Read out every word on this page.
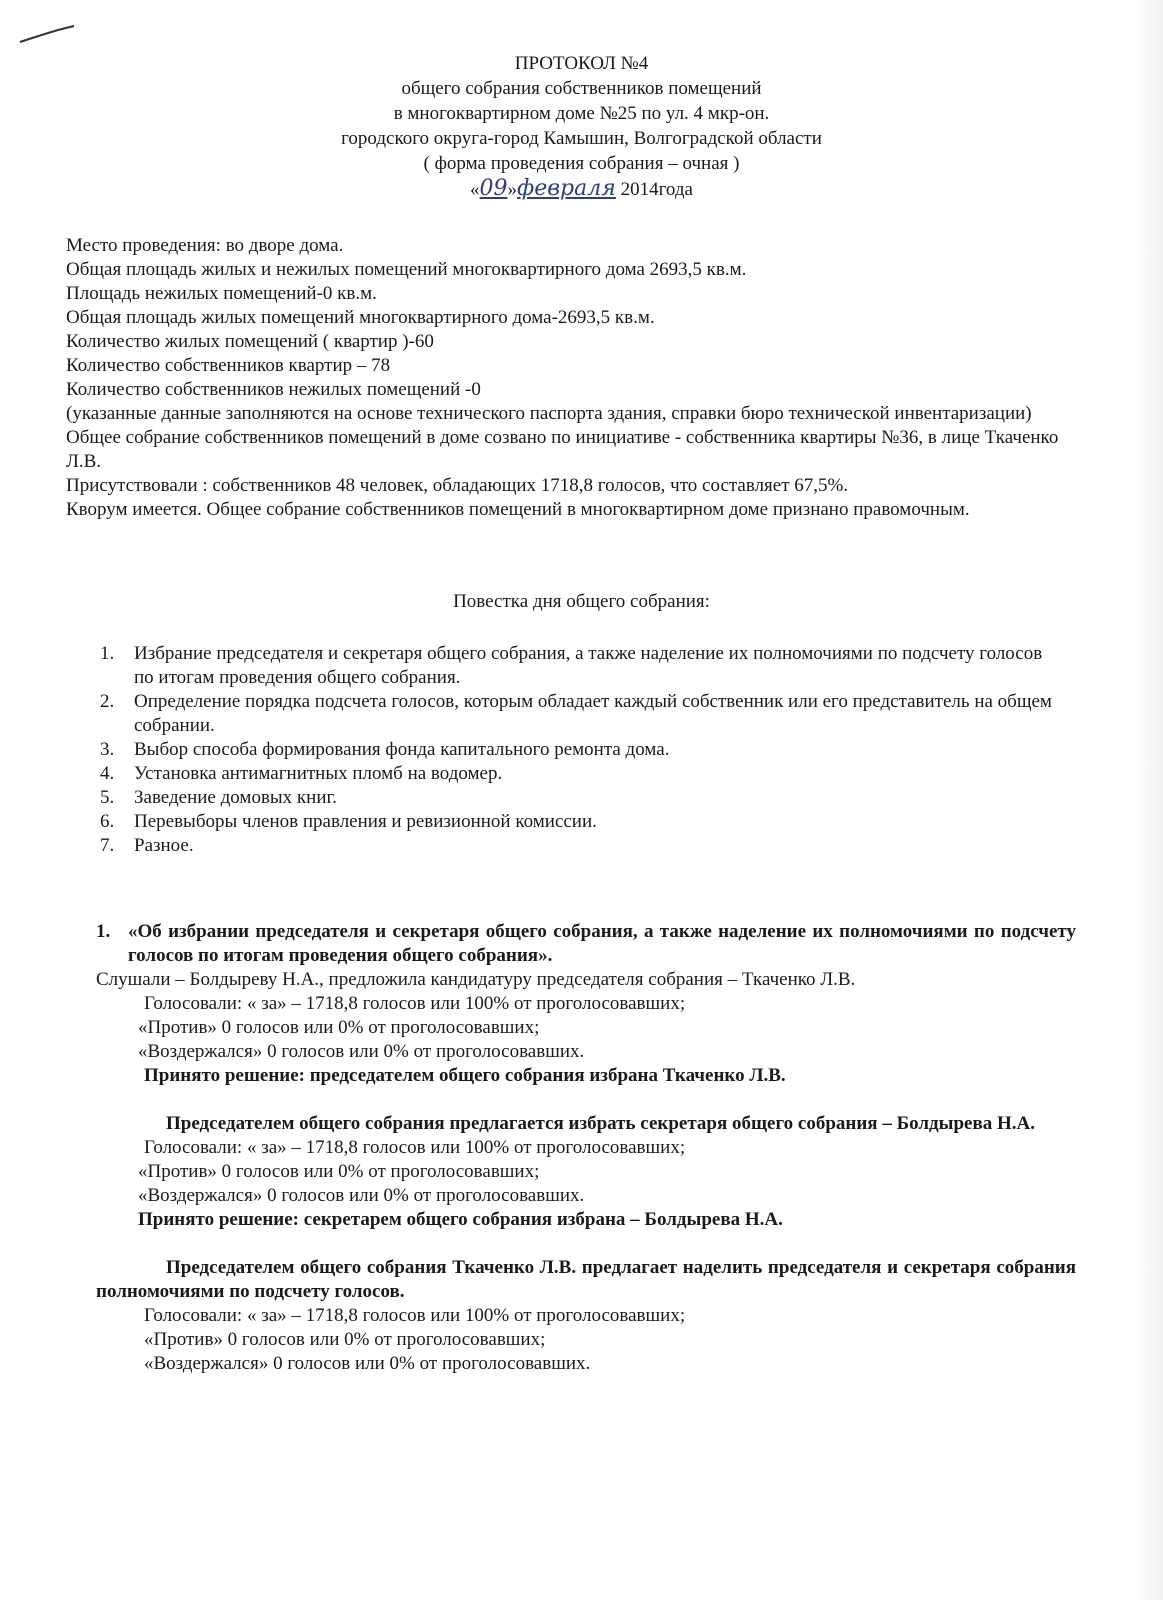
ПРОТОКОЛ №4
общего собрания собственников помещений
в многоквартирном доме №25 по ул. 4 мкр-он.
городского округа-город Камышин, Волгоградской области
( форма проведения собрания – очная )
«09»февраля 2014года

Место проведения: во дворе дома.

Общая площадь жилых и нежилых помещений многоквартирного дома 2693,5 кв.м.

Площадь нежилых помещений-0 кв.м.

Общая площадь жилых помещений многоквартирного дома-2693,5 кв.м.

Количество жилых помещений ( квартир )-60

Количество собственников квартир – 78

Количество собственников нежилых помещений -0

(указанные данные заполняются на основе технического паспорта здания, справки бюро технической инвентаризации)

Общее собрание собственников помещений в доме созвано по инициативе - собственника квартиры №36, в лице Ткаченко Л.В.

Присутствовали : собственников 48 человек, обладающих 1718,8 голосов, что составляет 67,5%.

Кворум имеется. Общее собрание собственников помещений в многоквартирном доме признано правомочным.

Повестка дня общего собрания:
1.	Избрание председателя и секретаря общего собрания, а также наделение их полномочиями по подсчету голосов по итогам проведения общего собрания.
2.	Определение порядка подсчета голосов, которым обладает каждый собственник или его представитель на общем собрании.
3.	Выбор способа формирования фонда капитального ремонта дома.
4.	Установка антимагнитных пломб на водомер.
5.	Заведение домовых книг.
6.	Перевыборы членов правления и ревизионной комиссии.
7.	Разное.
1. «Об избрании председателя и секретаря общего собрания, а также наделение их полномочиями по подсчету голосов по итогам проведения общего собрания».

Слушали – Болдыреву Н.А., предложила кандидатуру председателя собрания – Ткаченко Л.В.

Голосовали: « за» – 1718,8 голосов или 100% от проголосовавших;

«Против» 0 голосов или 0% от проголосовавших;

«Воздержался» 0 голосов или 0% от проголосовавших.

Принято решение: председателем общего собрания избрана Ткаченко Л.В.

Председателем общего собрания предлагается избрать секретаря общего собрания – Болдырева Н.А.

Голосовали: « за» – 1718,8 голосов или 100% от проголосовавших;

«Против» 0 голосов или 0% от проголосовавших;

«Воздержался» 0 голосов или 0% от проголосовавших.

Принято решение: секретарем общего собрания избрана – Болдырева Н.А.

Председателем общего собрания Ткаченко Л.В. предлагает наделить председателя и секретаря собрания полномочиями по подсчету голосов.

Голосовали: « за» – 1718,8 голосов или 100% от проголосовавших;

«Против» 0 голосов или 0% от проголосовавших;

«Воздержался» 0 голосов или 0% от проголосовавших.
